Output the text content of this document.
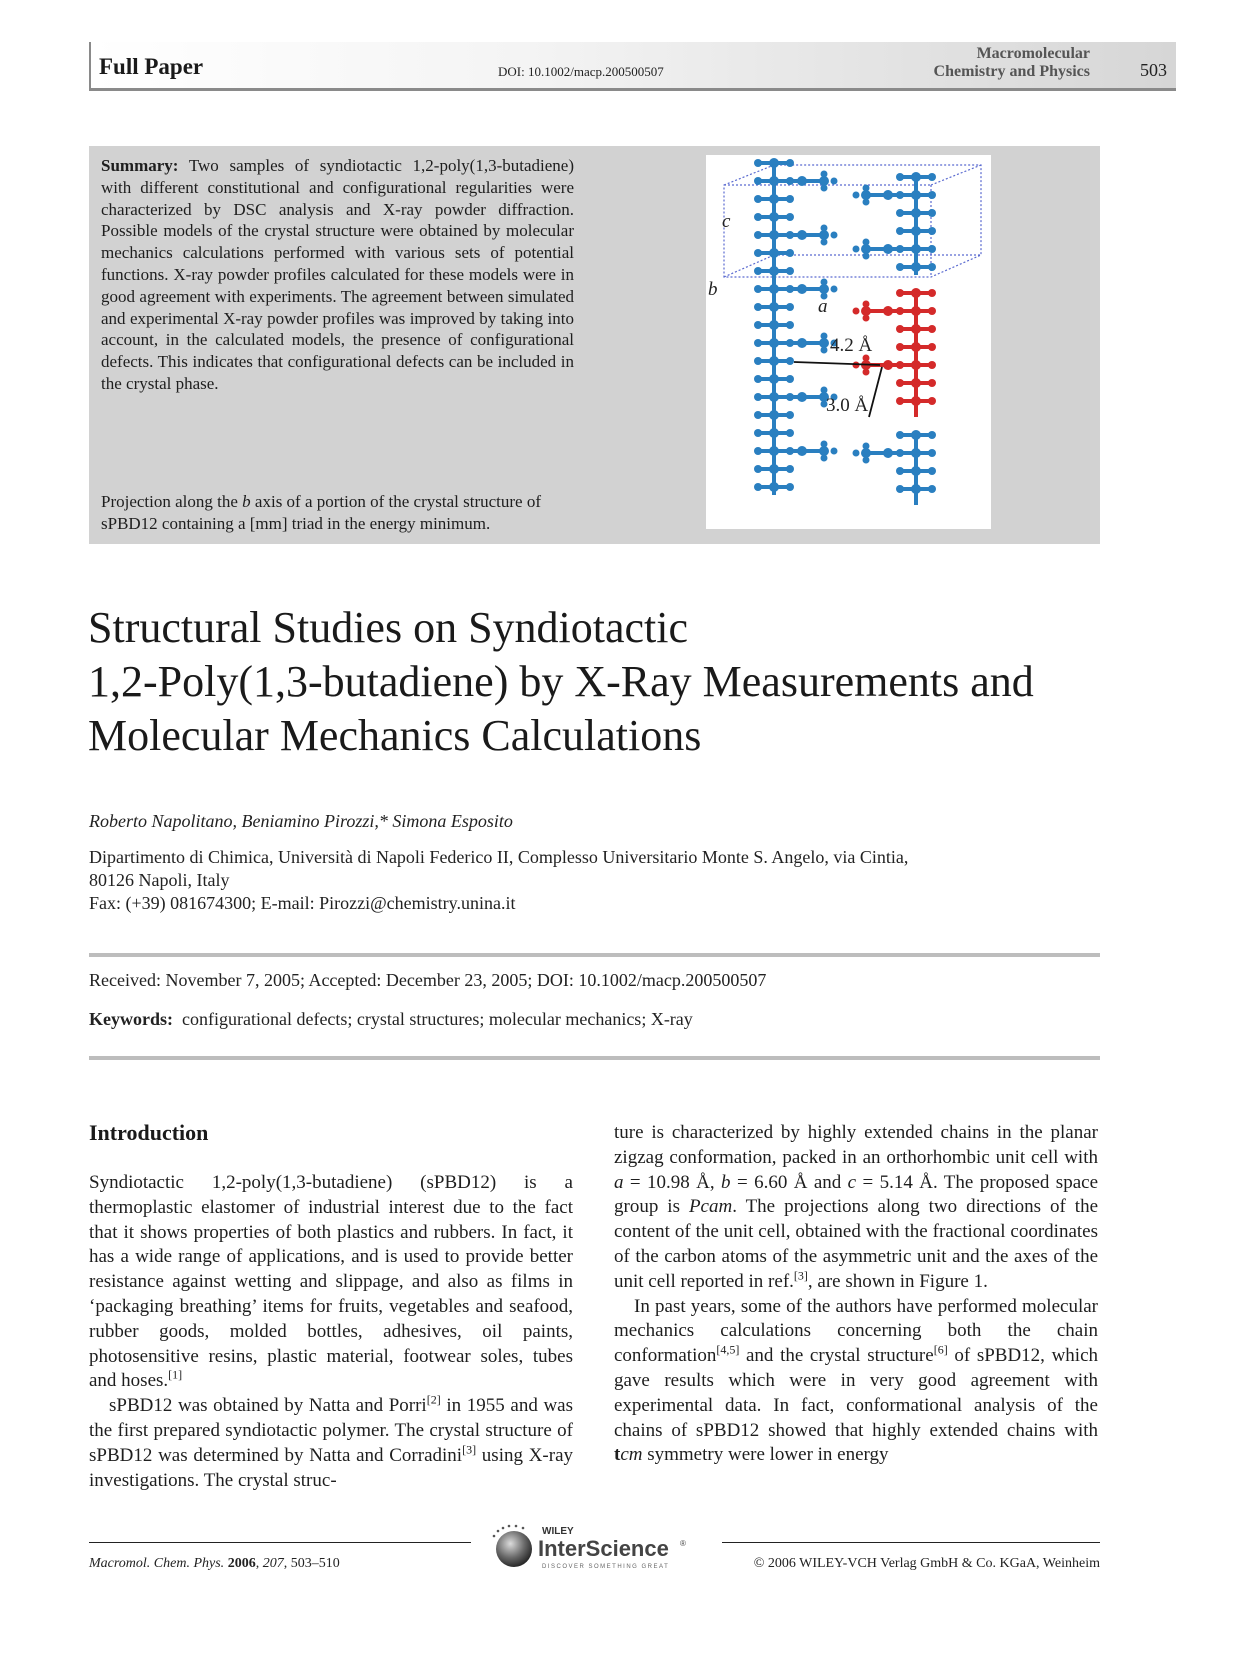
Full Paper	DOI: 10.1002/macp.200500507
Macromolecular
Chemistry and Physics	503
Summary: Two samples of syndiotactic 1,2-poly(1,3-butadiene) with different constitutional and configurational regularities were characterized by DSC analysis and X-ray powder diffraction. Possible models of the crystal structure were obtained by molecular mechanics calculations performed with various sets of potential functions. X-ray powder profiles calculated for these models were in good agreement with experiments. The agreement between simulated and experimental X-ray powder profiles was improved by taking into account, in the calculated models, the presence of configurational defects. This indicates that configurational defects can be included in the crystal phase.
Projection along the b axis of a portion of the crystal structure of sPBD12 containing a [mm] triad in the energy minimum.
c
b
a
4.2 Å
3.0 Å
Structural Studies on Syndiotactic
1,2-Poly(1,3-butadiene) by X-Ray Measurements and
Molecular Mechanics Calculations
Roberto Napolitano, Beniamino Pirozzi,* Simona Esposito
Dipartimento di Chimica, Università di Napoli Federico II, Complesso Universitario Monte S. Angelo, via Cintia,
80126 Napoli, Italy
Fax: (+39) 081674300; E-mail: Pirozzi@chemistry.unina.it
Received: November 7, 2005; Accepted: December 23, 2005; DOI: 10.1002/macp.200500507
Keywords: configurational defects; crystal structures; molecular mechanics; X-ray
Introduction

Syndiotactic 1,2-poly(1,3-butadiene) (sPBD12) is a thermoplastic elastomer of industrial interest due to the fact that it shows properties of both plastics and rubbers. In fact, it has a wide range of applications, and is used to provide better resistance against wetting and slippage, and also as films in ‘packaging breathing’ items for fruits, vegetables and seafood, rubber goods, molded bottles, adhesives, oil paints, photosensitive resins, plastic material, footwear soles, tubes and hoses.[1]

sPBD12 was obtained by Natta and Porri[2] in 1955 and was the first prepared syndiotactic polymer. The crystal structure of sPBD12 was determined by Natta and Corradini[3] using X-ray investigations. The crystal struc-

ture is characterized by highly extended chains in the planar zigzag conformation, packed in an orthorhombic unit cell with a = 10.98 Å, b = 6.60 Å and c = 5.14 Å. The proposed space group is Pcam. The projections along two directions of the content of the unit cell, obtained with the fractional coordinates of the carbon atoms of the asymmetric unit and the axes of the unit cell reported in ref.[3], are shown in Figure 1.

In past years, some of the authors have performed molecular mechanics calculations concerning both the chain conformation[4,5] and the crystal structure[6] of sPBD12, which gave results which were in very good agreement with experimental data. In fact, conformational analysis of the chains of sPBD12 showed that highly extended chains with tcm symmetry were lower in energy

Macromol. Chem. Phys. 2006, 207, 503–510
WILEY
InterScience ®
DISCOVER SOMETHING GREAT	© 2006 WILEY-VCH Verlag GmbH & Co. KGaA, Weinheim
